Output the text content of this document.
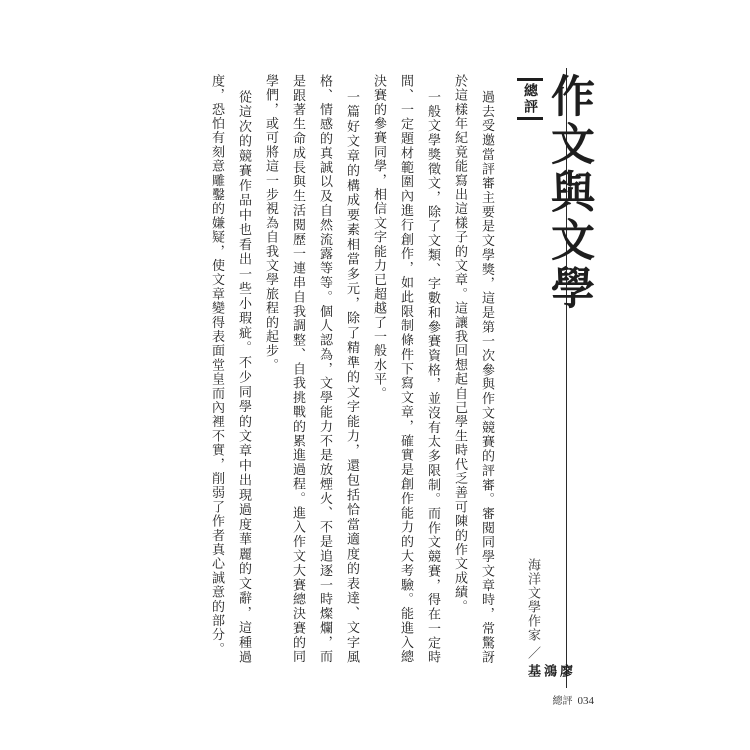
總評 作文與文學
海洋文學作家
／
廖鴻基

過去受邀當評審主要是文學獎，這是第一次參與作文競賽的評審。審閱同學文章時，常驚訝於這樣年紀竟能寫出這樣子的文章。這讓我回想起自己學生時代乏善可陳的作文成績。

一般文學獎徵文，除了文類、字數和參賽資格，並沒有太多限制。而作文競賽，得在一定時間、一定題材範圍內進行創作，如此限制條件下寫文章，確實是創作能力的大考驗。能進入總決賽的參賽同學，相信文字能力已超越了一般水平。

一篇好文章的構成要素相當多元，除了精準的文字能力，還包括恰當適度的表達、文字風格、情感的真誠以及自然流露等等。個人認為，文學能力不是放煙火、不是追逐一時燦爛，而是跟著生命成長與生活閱歷一連串自我調整、自我挑戰的累進過程。進入作文大賽總決賽的同學們，或可將這一步視為自我文學旅程的起步。

從這次的競賽作品中也看出一些小瑕疵。不少同學的文章中出現過度華麗的文辭，這種過度，恐怕有刻意雕鑿的嫌疑，使文章變得表面堂皇而內裡不實，削弱了作者真心誠意的部分。

總評 034
